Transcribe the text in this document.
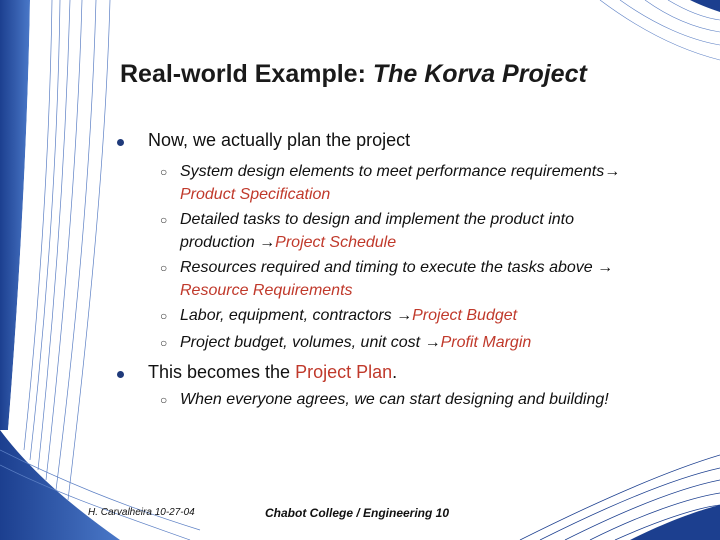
Real-world Example: The Korva Project
Now, we actually plan the project
○ System design elements to meet performance requirements→
Product Specification
○ Detailed tasks to design and implement the product into
production →Project Schedule
○ Resources required and timing to execute the tasks above →
Resource Requirements
○ Labor, equipment, contractors →Project Budget
○ Project budget, volumes, unit cost →Profit Margin
This becomes the Project Plan.
○ When everyone agrees, we can start designing and building!
H. Carvalheira 10-27-04	Chabot College / Engineering 10
